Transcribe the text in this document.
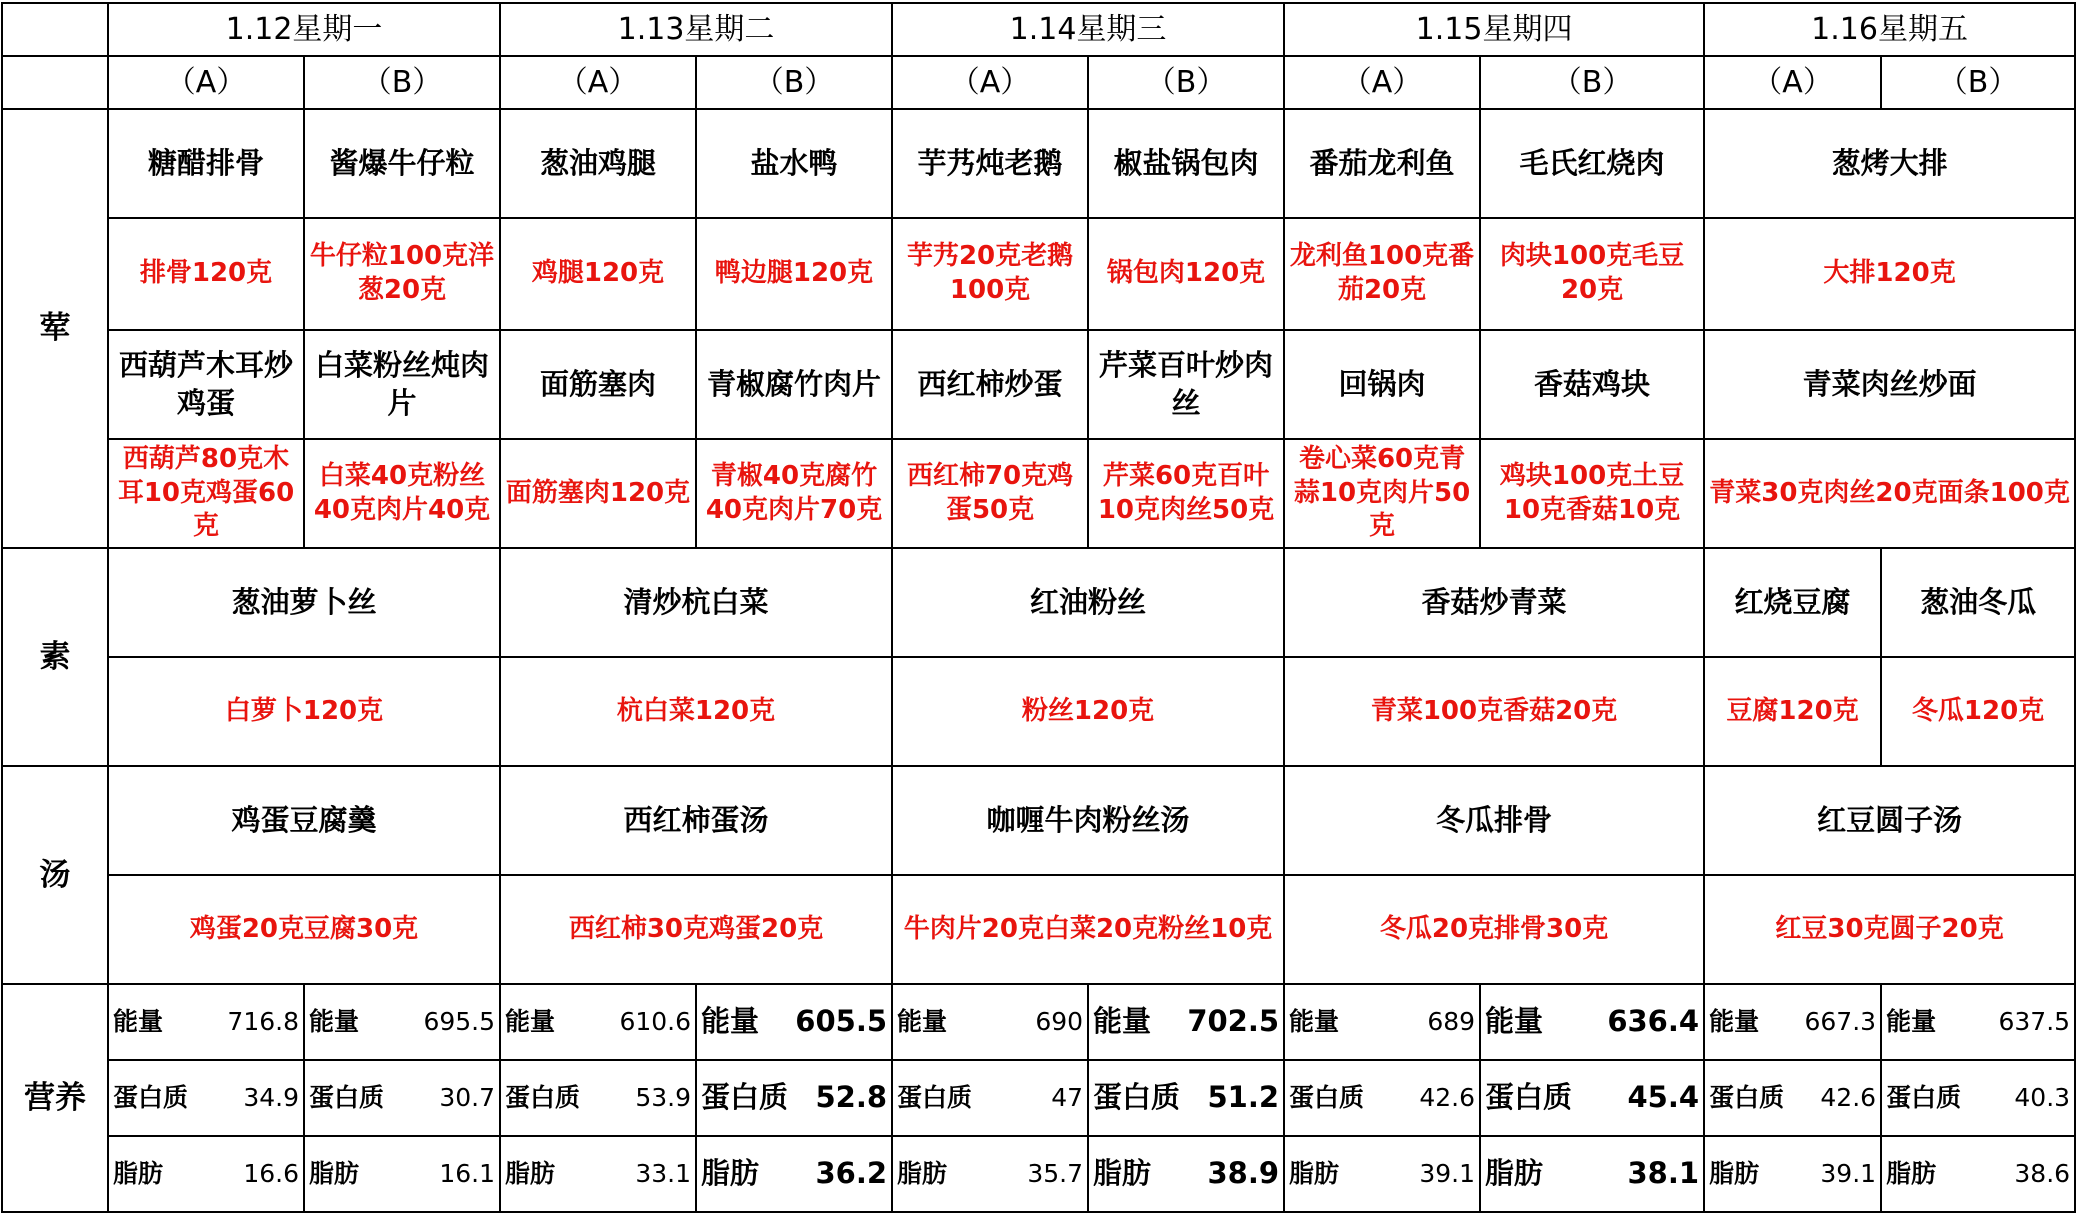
	1.12星期一		1.13星期二		1.14星期三		1.15星期四		1.16星期五	
	（A）	（B）	（A）	（B）	（A）	（B）	（A）	（B）	（A）	（B）
荤	糖醋排骨	酱爆牛仔粒	葱油鸡腿	盐水鸭	芋艿炖老鹅	椒盐锅包肉	番茄龙利鱼	毛氏红烧肉	葱烤大排	
	排骨120克	牛仔粒100克洋葱20克	鸡腿120克	鸭边腿120克	芋艿20克老鹅100克	锅包肉120克	龙利鱼100克番茄20克	肉块100克毛豆20克	大排120克	
	西葫芦木耳炒鸡蛋	白菜粉丝炖肉片	面筋塞肉	青椒腐竹肉片	西红柿炒蛋	芹菜百叶炒肉丝	回锅肉	香菇鸡块	青菜肉丝炒面	
	西葫芦80克木耳10克鸡蛋60克	白菜40克粉丝40克肉片40克	面筋塞肉120克	青椒40克腐竹40克肉片70克	西红柿70克鸡蛋50克	芹菜60克百叶10克肉丝50克	卷心菜60克青蒜10克肉片50克	鸡块100克土豆10克香菇10克	青菜30克肉丝20克面条100克	
素	葱油萝卜丝		清炒杭白菜		红油粉丝		香菇炒青菜		红烧豆腐	葱油冬瓜
	白萝卜120克		杭白菜120克		粉丝120克		青菜100克香菇20克		豆腐120克	冬瓜120克
汤	鸡蛋豆腐羹		西红柿蛋汤		咖喱牛肉粉丝汤		冬瓜排骨		红豆圆子汤	
	鸡蛋20克豆腐30克		西红柿30克鸡蛋20克		牛肉片20克白菜20克粉丝10克		冬瓜20克排骨30克		红豆30克圆子20克	
营养	能量 716.8	能量 695.5	能量 610.6	能量 605.5	能量 690	能量 702.5	能量 689	能量 636.4	能量 667.3	能量 637.5

	蛋白质 34.9	蛋白质 30.7	蛋白质 53.9	蛋白质 52.8	蛋白质 47	蛋白质 51.2	蛋白质 42.6	蛋白质 45.4	蛋白质 42.6	蛋白质 40.3

	脂肪 16.6	脂肪 16.1	脂肪 33.1	脂肪 36.2	脂肪 35.7	脂肪 38.9	脂肪 39.1	脂肪 38.1	脂肪 39.1	脂肪 38.6
